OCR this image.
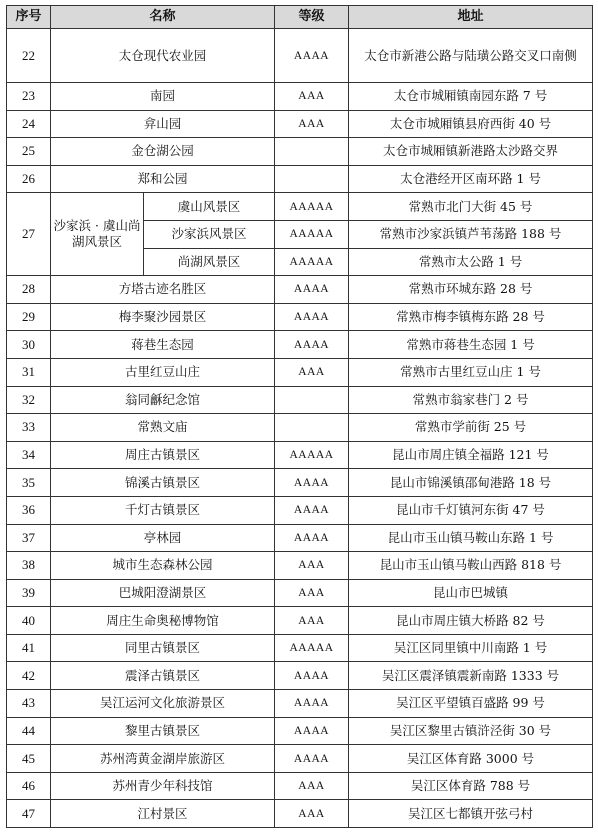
序号	名称		等级	地址
22	太仓现代农业园		AAAA	太仓市新港公路与陆璜公路交叉口南侧
23	南园		AAA	太仓市城厢镇南园东路 7 号
24	弇山园		AAA	太仓市城厢镇县府西街 40 号
25	金仓湖公园			太仓市城厢镇新港路太沙路交界
26	郑和公园			太仓港经开区南环路 1 号
27	沙家浜 · 虞山尚湖风景区	虞山风景区	AAAAA	常熟市北门大街 45 号
		沙家浜风景区	AAAAA	常熟市沙家浜镇芦苇荡路 188 号
		尚湖风景区	AAAAA	常熟市太公路 1 号
28	方塔古迹名胜区		AAAA	常熟市环城东路 28 号
29	梅李聚沙园景区		AAAA	常熟市梅李镇梅东路 28 号
30	蒋巷生态园		AAAA	常熟市蒋巷生态园 1 号
31	古里红豆山庄		AAA	常熟市古里红豆山庄 1 号
32	翁同龢纪念馆			常熟市翁家巷门 2 号
33	常熟文庙			常熟市学前街 25 号
34	周庄古镇景区		AAAAA	昆山市周庄镇全福路 121 号
35	锦溪古镇景区		AAAA	昆山市锦溪镇邵甸港路 18 号
36	千灯古镇景区		AAAA	昆山市千灯镇河东街 47 号
37	亭林园		AAAA	昆山市玉山镇马鞍山东路 1 号
38	城市生态森林公园		AAA	昆山市玉山镇马鞍山西路 818 号
39	巴城阳澄湖景区		AAA	昆山市巴城镇
40	周庄生命奥秘博物馆		AAA	昆山市周庄镇大桥路 82 号
41	同里古镇景区		AAAAA	吴江区同里镇中川南路 1 号
42	震泽古镇景区		AAAA	吴江区震泽镇震新南路 1333 号
43	吴江运河文化旅游景区		AAAA	吴江区平望镇百盛路 99 号
44	黎里古镇景区		AAAA	吴江区黎里古镇浒泾街 30 号
45	苏州湾黄金湖岸旅游区		AAAA	吴江区体育路 3000 号
46	苏州青少年科技馆		AAA	吴江区体育路 788 号
47	江村景区		AAA	吴江区七都镇开弦弓村
